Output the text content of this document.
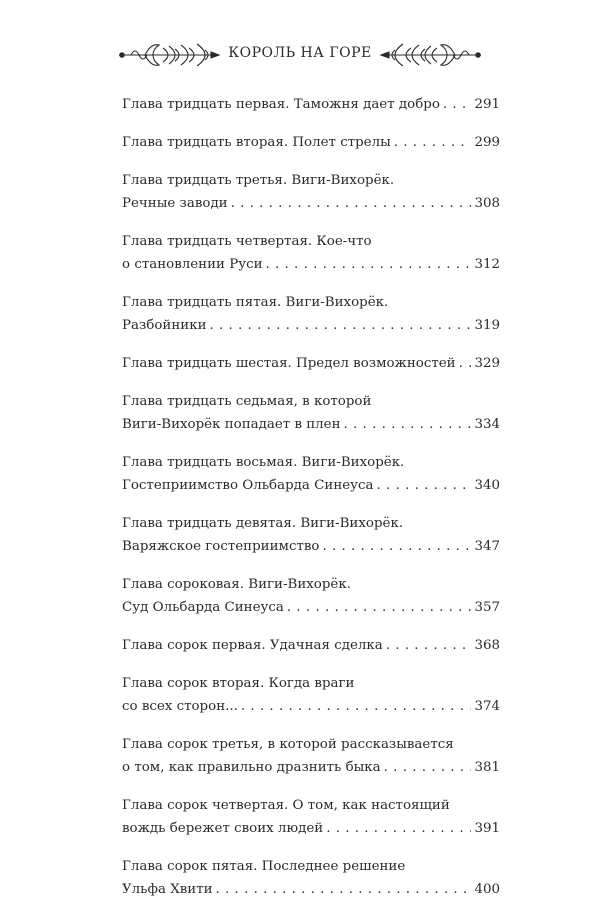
КОРОЛЬ НА ГОРЕ
Глава тридцать первая. Таможня дает добро . . .	291
Глава тридцать вторая. Полет стрелы . . .	299
Глава тридцать третья. Виги-Вихорёк.
Речные заводи . . .	308
Глава тридцать четвертая. Кое-что
о становлении Руси . . .	312
Глава тридцать пятая. Виги-Вихорёк.
Разбойники . . .	319
Глава тридцать шестая. Предел возможностей . . . 329
Глава тридцать седьмая, в которой
Виги-Вихорёк попадает в плен . . .	334
Глава тридцать восьмая. Виги-Вихорёк.
Гостеприимство Ольбарда Синеуса . . .	340
Глава тридцать девятая. Виги-Вихорёк.
Варяжское гостеприимство . . .	347
Глава сороковая. Виги-Вихорёк.
Суд Ольбарда Синеуса . . .	357
Глава сорок первая. Удачная сделка . . .	368
Глава сорок вторая. Когда враги
со всех сторон... . . .	374
Глава сорок третья, в которой рассказывается
о том, как правильно дразнить быка . . .	381
Глава сорок четвертая. О том, как настоящий
вождь бережет своих людей . . .	391
Глава сорок пятая. Последнее решение
Ульфа Хвити . . .	400
